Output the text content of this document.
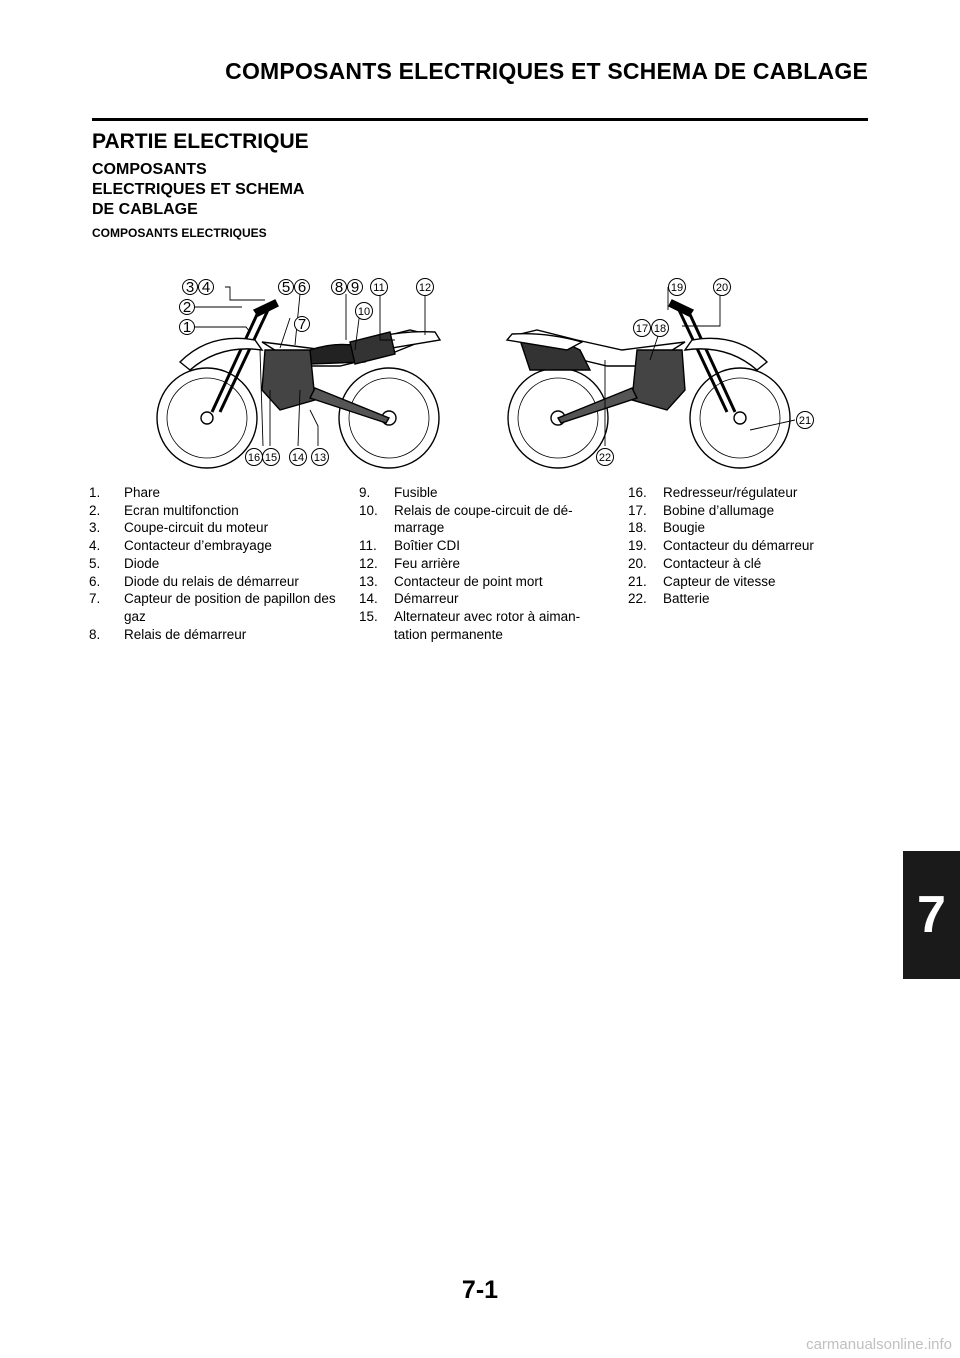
COMPOSANTS ELECTRIQUES ET SCHEMA DE CABLAGE
PARTIE ELECTRIQUE
COMPOSANTS
ELECTRIQUES ET SCHEMA
DE CABLAGE
COMPOSANTS ELECTRIQUES
1
2
3 4	5 6
7
8 9
10
11	12
13
14
15
16
17 18
19	20
21
22
1.	Phare
2.	Ecran multifonction
3.	Coupe-circuit du moteur
4.	Contacteur d’embrayage
5.	Diode
6.	Diode du relais de démarreur
7.	Capteur de position de papillon des gaz
8.	Relais de démarreur
9.	Fusible
10.	Relais de coupe-circuit de dé-marrage
11.	Boîtier CDI
12.	Feu arrière
13.	Contacteur de point mort
14.	Démarreur
15.	Alternateur avec rotor à aiman-tation permanente
16.	Redresseur/régulateur
17.	Bobine d’allumage
18.	Bougie
19.	Contacteur du démarreur
20.	Contacteur à clé
21.	Capteur de vitesse
22.	Batterie
7
7-1
carmanualsonline.info
